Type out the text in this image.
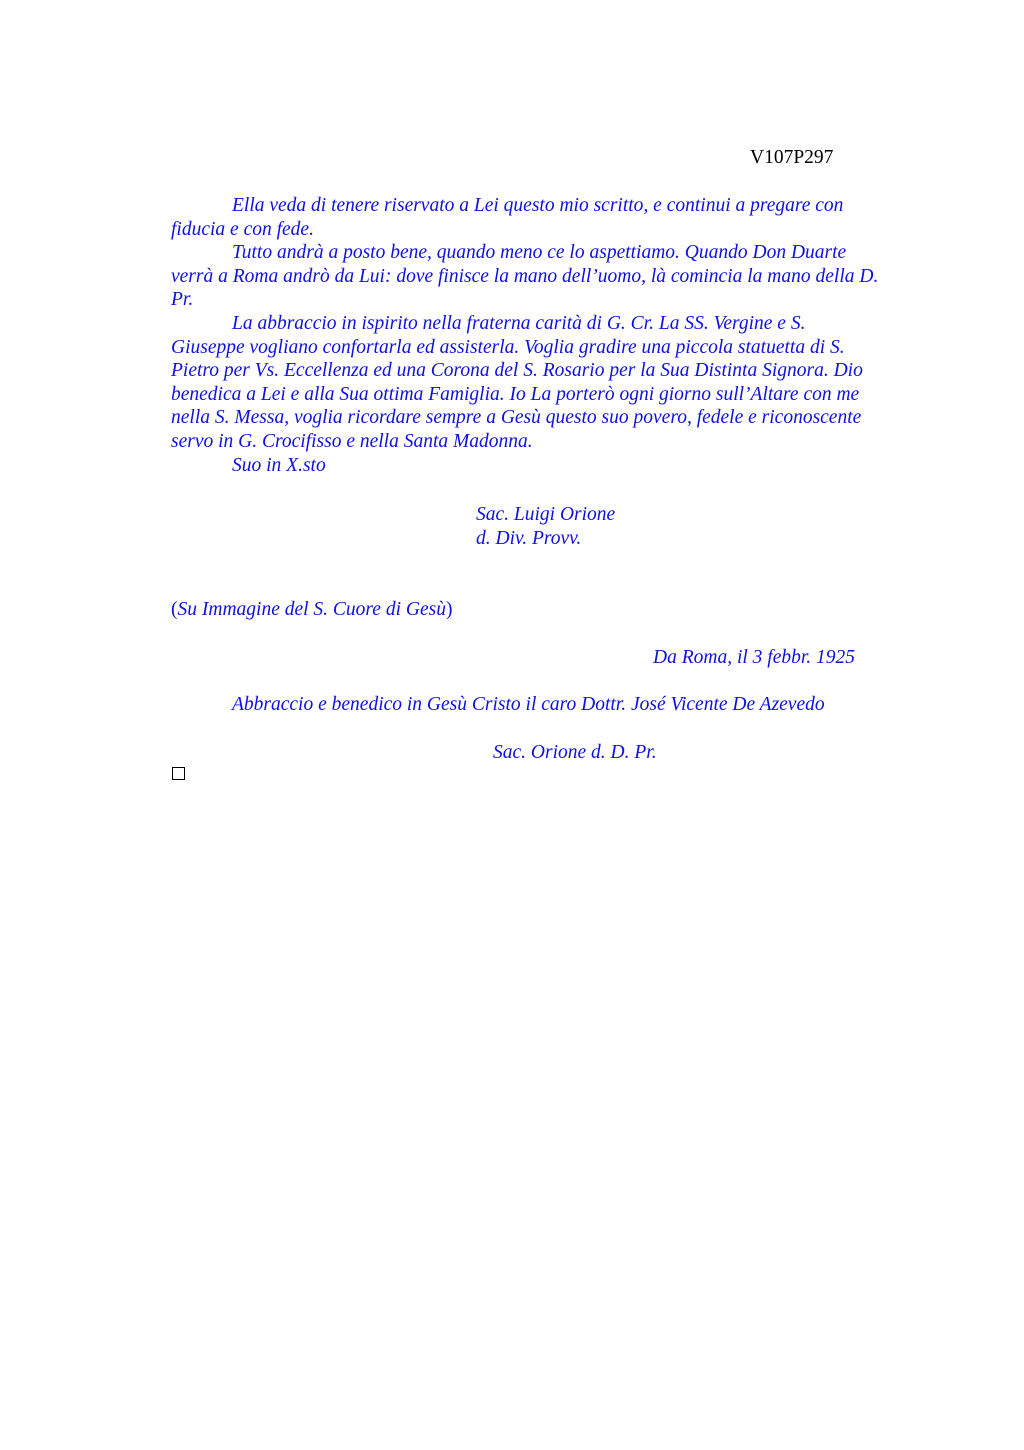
V107P297
Ella veda di tenere riservato a Lei questo mio scritto, e continui a pregare con
fiducia e con fede.
Tutto andrà a posto bene, quando meno ce lo aspettiamo. Quando Don Duarte
verrà a Roma andrò da Lui: dove finisce la mano dell’uomo, là comincia la mano della D.
Pr.
La abbraccio in ispirito nella fraterna carità di G. Cr. La SS. Vergine e S.
Giuseppe vogliano confortarla ed assisterla. Voglia gradire una piccola statuetta di S.
Pietro per Vs. Eccellenza ed una Corona del S. Rosario per la Sua Distinta Signora. Dio
benedica a Lei e alla Sua ottima Famiglia. Io La porterò ogni giorno sull’Altare con me
nella S. Messa, voglia ricordare sempre a Gesù questo suo povero, fedele e riconoscente
servo in G. Crocifisso e nella Santa Madonna.
Suo in X.sto
Sac. Luigi Orione
d. Div. Provv.
(Su Immagine del S. Cuore di Gesù)
Da Roma, il 3 febbr. 1925
Abbraccio e benedico in Gesù Cristo il caro Dottr. José Vicente De Azevedo
Sac. Orione d. D. Pr.
